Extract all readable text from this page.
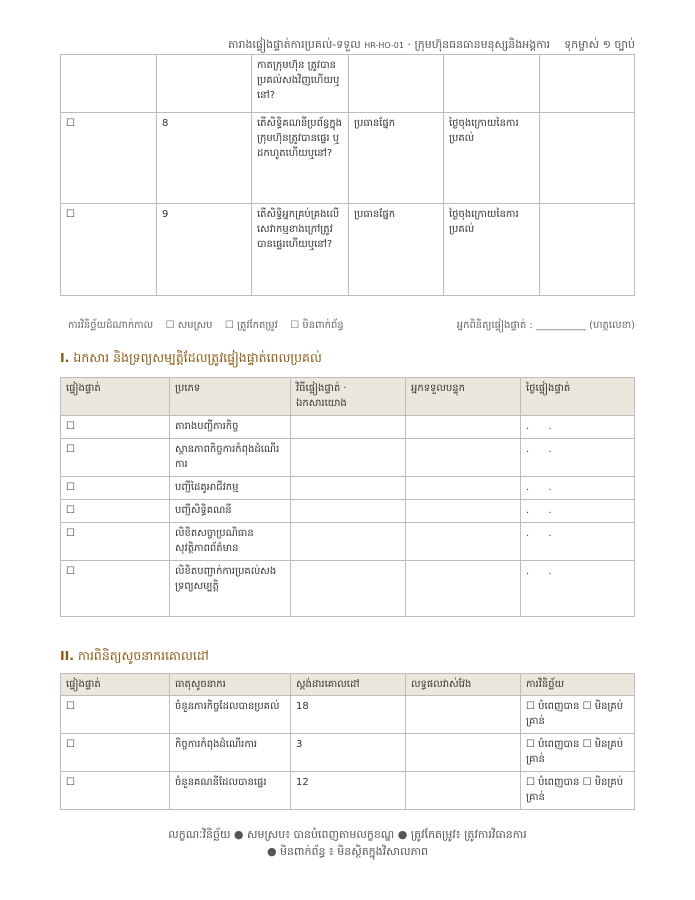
តារាងផ្ទៀងផ្ទាត់ការប្រគល់-ទទួល HR-HO-01 · ក្រុមហ៊ុនធនធានមនុស្សនិងអង្គការ ទុកម្ចាស់ ១ ច្បាប់
		កាតក្រុមហ៊ុន ត្រូវបានប្រគល់សងវិញហើយឬនៅ?			
☐	8	តើសិទ្ធិគណនីប្រព័ន្ធក្នុងក្រុមហ៊ុនត្រូវបានផ្ទេរ ឬដកហូតហើយឬនៅ?	ប្រធានផ្នែក	ថ្ងៃចុងក្រោយនៃការប្រគល់	
☐	9	តើសិទ្ធិអ្នកគ្រប់គ្រងលើសេវាកម្មខាងក្រៅត្រូវបានផ្ទេរហើយឬនៅ?	ប្រធានផ្នែក	ថ្ងៃចុងក្រោយនៃការប្រគល់	
ការវិនិច្ឆ័យដំណាក់កាល ☐ សមស្រប ☐ ត្រូវកែតម្រូវ ☐ មិនពាក់ព័ន្ធ	អ្នកពិនិត្យផ្ទៀងផ្ទាត់ : __________ (ហត្ថលេខា)
I. ឯកសារ និងទ្រព្យសម្បត្តិដែលត្រូវផ្ទៀងផ្ទាត់ពេលប្រគល់
ផ្ទៀងផ្ទាត់	ប្រភេទ	វិធីផ្ទៀងផ្ទាត់ · ឯកសារយោង	អ្នកទទួលបន្ទុក	ថ្ងៃផ្ទៀងផ្ទាត់
☐	តារាងបញ្ជីភារកិច្ច			. .
☐	ស្ថានភាពកិច្ចការកំពុងដំណើរការ			. .
☐	បញ្ជីដៃគូអាជីវកម្ម			. .
☐	បញ្ជីសិទ្ធិគណនី			. .
☐	លិខិតសច្ចាប្រណិធានសុវត្ថិភាពព័ត៌មាន			. .
☐	លិខិតបញ្ជាក់ការប្រគល់សងទ្រព្យសម្បត្តិ			. .
II. ការពិនិត្យសូចនាករគោលដៅ
ផ្ទៀងផ្ទាត់	ធាតុសូចនាករ	ស្តង់ដារគោលដៅ	លទ្ធផលវាស់វែង	ការវិនិច្ឆ័យ
☐	ចំនួនភារកិច្ចដែលបានប្រគល់	18		☐ បំពេញបាន ☐ មិនគ្រប់គ្រាន់
☐	កិច្ចការកំពុងដំណើរការ	3		☐ បំពេញបាន ☐ មិនគ្រប់គ្រាន់
☐	ចំនួនគណនីដែលបានផ្ទេរ	12		☐ បំពេញបាន ☐ មិនគ្រប់គ្រាន់
លក្ខណៈវិនិច្ឆ័យ ● សមស្រប៖ បានបំពេញតាមលក្ខខណ្ឌ ● ត្រូវកែតម្រូវ៖ ត្រូវការវិធានការ
● មិនពាក់ព័ន្ធ ៖ មិនស្ថិតក្នុងវិសាលភាព
